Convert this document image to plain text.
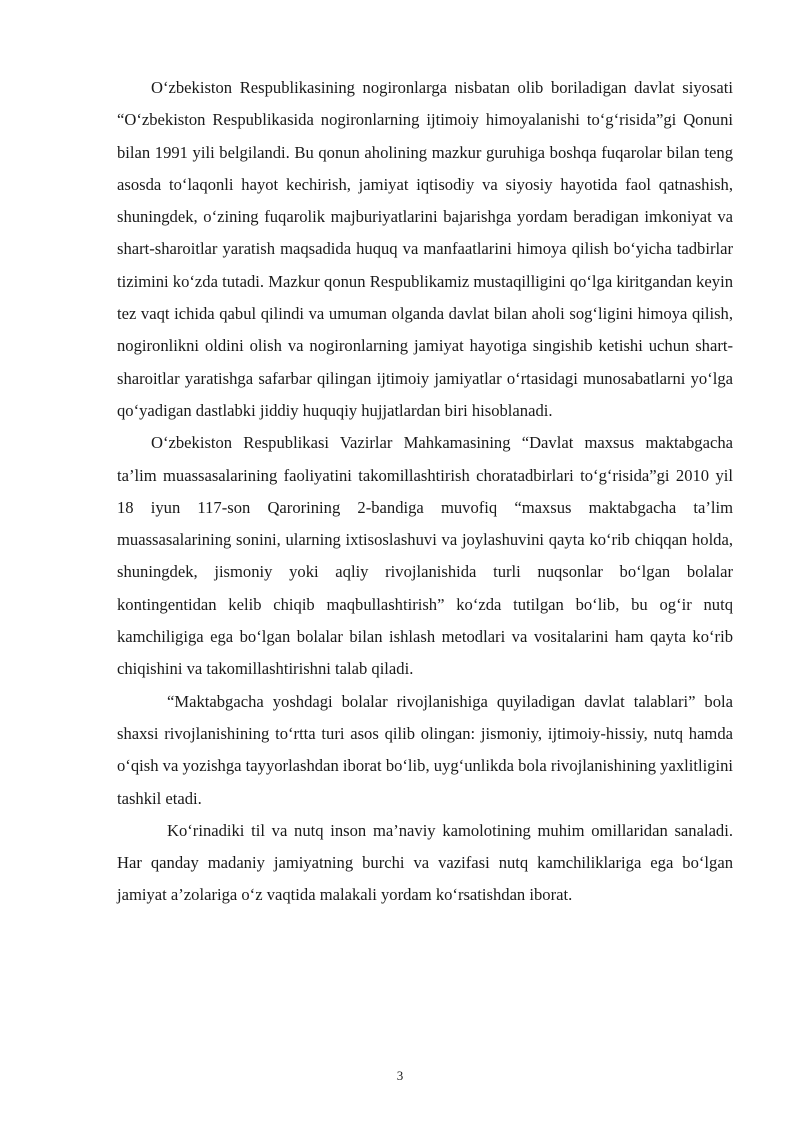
O‘zbekiston Respublikasining nogironlarga nisbatan olib boriladigan davlat siyosati “O‘zbekiston Respublikasida nogironlarning ijtimoiy himoyalanishi to‘g‘risida”gi Qonuni bilan 1991 yili belgilandi. Bu qonun aholining mazkur guruhiga boshqa fuqarolar bilan teng asosda to‘laqonli hayot kechirish, jamiyat iqtisodiy va siyosiy hayotida faol qatnashish, shuningdek, o‘zining fuqarolik majburiyatlarini bajarishga yordam beradigan imkoniyat va shart-sharoitlar yaratish maqsadida huquq va manfaatlarini himoya qilish bo‘yicha tadbirlar tizimini ko‘zda tutadi. Mazkur qonun Respublikamiz mustaqilligini qo‘lga kiritgandan keyin tez vaqt ichida qabul qilindi va umuman olganda davlat bilan aholi sog‘ligini himoya qilish, nogironlikni oldini olish va nogironlarning jamiyat hayotiga singishib ketishi uchun shart-sharoitlar yaratishga safarbar qilingan ijtimoiy jamiyatlar o‘rtasidagi munosabatlarni yo‘lga qo‘yadigan dastlabki jiddiy huquqiy hujjatlardan biri hisoblanadi.

O‘zbekiston Respublikasi Vazirlar Mahkamasining “Davlat maxsus maktabgacha ta’lim muassasalarining faoliyatini takomillashtirish choratadbirlari to‘g‘risida”gi 2010 yil 18 iyun 117-son Qarorining 2-bandiga muvofiq “maxsus maktabgacha ta’lim muassasalarining sonini, ularning ixtisoslashuvi va joylashuvini qayta ko‘rib chiqqan holda, shuningdek, jismoniy yoki aqliy rivojlanishida turli nuqsonlar bo‘lgan bolalar kontingentidan kelib chiqib maqbullashtirish” ko‘zda tutilgan bo‘lib, bu og‘ir nutq kamchiligiga ega bo‘lgan bolalar bilan ishlash metodlari va vositalarini ham qayta ko‘rib chiqishini va takomillashtirishni talab qiladi.

“Maktabgacha yoshdagi bolalar rivojlanishiga quyiladigan davlat talablari” bola shaxsi rivojlanishining to‘rtta turi asos qilib olingan: jismoniy, ijtimoiy-hissiy, nutq hamda o‘qish va yozishga tayyorlashdan iborat bo‘lib, uyg‘unlikda bola rivojlanishining yaxlitligini tashkil etadi.

Ko‘rinadiki til va nutq inson ma’naviy kamolotining muhim omillaridan sanaladi. Har qanday madaniy jamiyatning burchi va vazifasi nutq kamchiliklariga ega bo‘lgan jamiyat a’zolariga o‘z vaqtida malakali yordam ko‘rsatishdan iborat.

3
